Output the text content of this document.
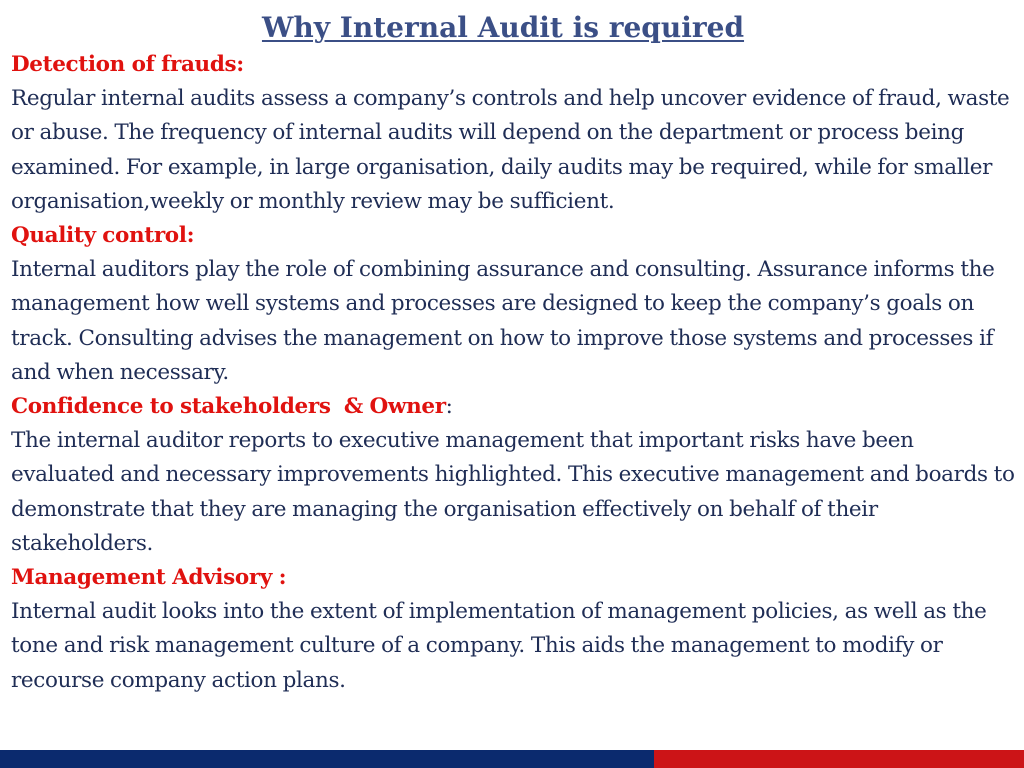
Why Internal Audit is required
Detection of frauds:
Regular internal audits assess a company’s controls and help uncover evidence of fraud, waste or abuse. The frequency of internal audits will depend on the department or process being examined. For example, in large organisation, daily audits may be required, while for smaller organisation,weekly or monthly review may be sufficient.
Quality control:
Internal auditors play the role of combining assurance and consulting. Assurance informs the management how well systems and processes are designed to keep the company’s goals on track. Consulting advises the management on how to improve those systems and processes if and when necessary.
Confidence to stakeholders  & Owner:
The internal auditor reports to executive management that important risks have been evaluated and necessary improvements highlighted. This executive management and boards to demonstrate that they are managing the organisation effectively on behalf of their stakeholders.
Management Advisory :
Internal audit looks into the extent of implementation of management policies, as well as the tone and risk management culture of a company. This aids the management to modify or recourse company action plans.
